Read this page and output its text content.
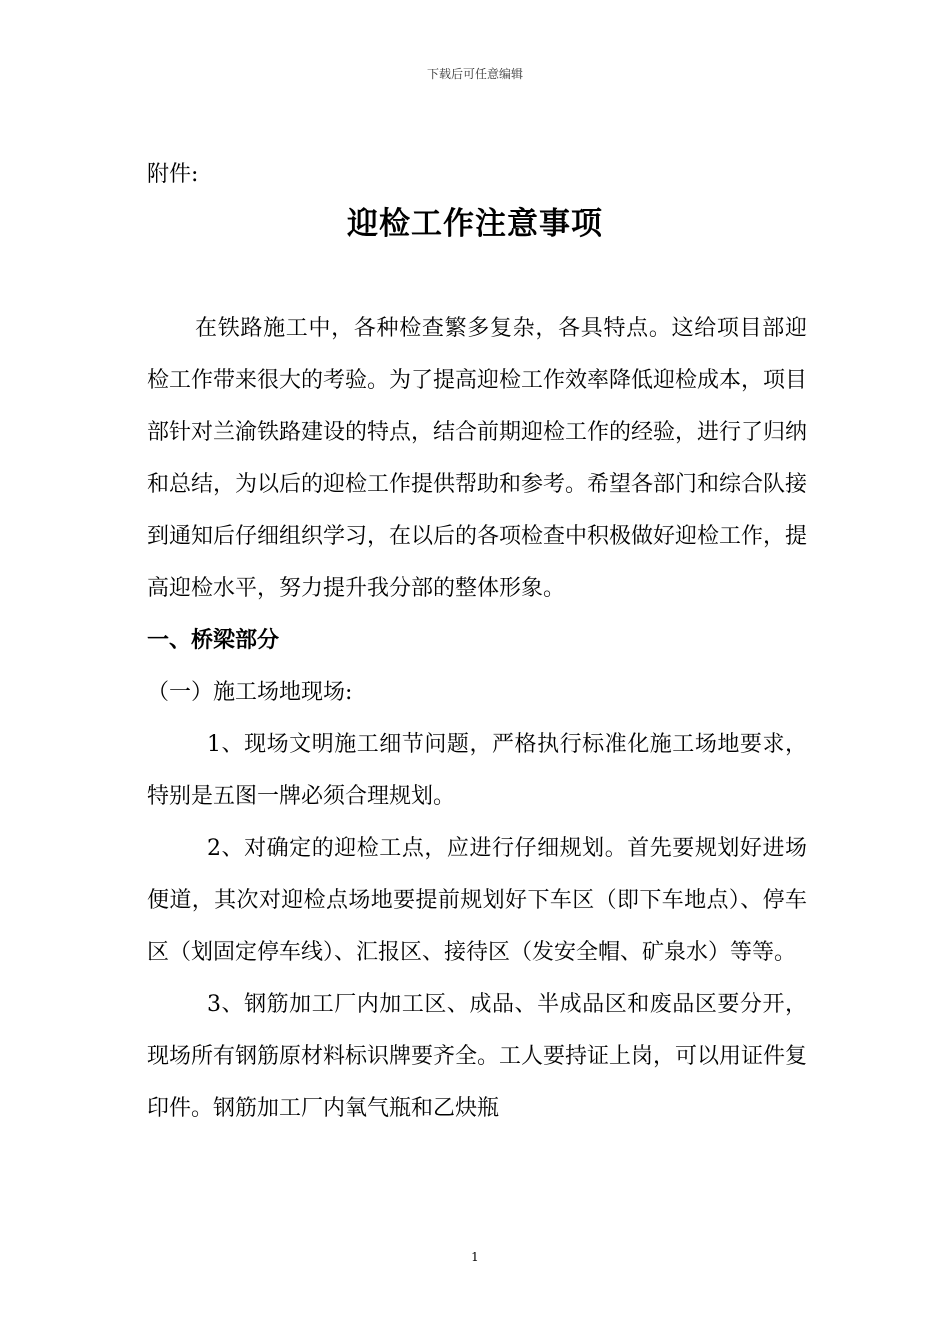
下载后可任意编辑
附件:
迎检工作注意事项

在铁路施工中，各种检查繁多复杂，各具特点。这给项目部迎检工作带来很大的考验。为了提高迎检工作效率降低迎检成本，项目部针对兰渝铁路建设的特点，结合前期迎检工作的经验，进行了归纳和总结，为以后的迎检工作提供帮助和参考。希望各部门和综合队接到通知后仔细组织学习，在以后的各项检查中积极做好迎检工作，提高迎检水平，努力提升我分部的整体形象。

一、桥梁部分

（一）施工场地现场:

1、现场文明施工细节问题，严格执行标准化施工场地要求，特别是五图一牌必须合理规划。

2、对确定的迎检工点，应进行仔细规划。首先要规划好进场便道，其次对迎检点场地要提前规划好下车区（即下车地点）、停车区（划固定停车线）、汇报区、接待区（发安全帽、矿泉水）等等。

3、钢筋加工厂内加工区、成品、半成品区和废品区要分开，现场所有钢筋原材料标识牌要齐全。工人要持证上岗，可以用证件复印件。钢筋加工厂内氧气瓶和乙炔瓶

1
